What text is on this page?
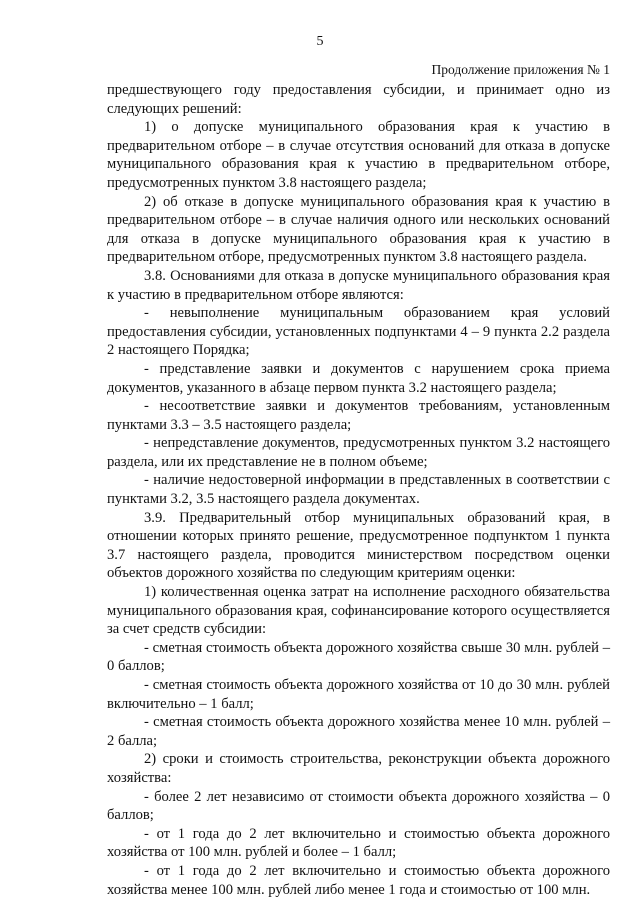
5
Продолжение приложения № 1

предшествующего году предоставления субсидии, и принимает одно из следующих решений:

1) о допуске муниципального образования края к участию в предварительном отборе – в случае отсутствия оснований для отказа в допуске муниципального образования края к участию в предварительном отборе, предусмотренных пунктом 3.8 настоящего раздела;

2) об отказе в допуске муниципального образования края к участию в предварительном отборе – в случае наличия одного или нескольких оснований для отказа в допуске муниципального образования края к участию в предварительном отборе, предусмотренных пунктом 3.8 настоящего раздела.

3.8. Основаниями для отказа в допуске муниципального образования края к участию в предварительном отборе являются:

- невыполнение муниципальным образованием края условий предоставления субсидии, установленных подпунктами 4 – 9 пункта 2.2 раздела 2 настоящего Порядка;

- представление заявки и документов с нарушением срока приема документов, указанного в абзаце первом пункта 3.2 настоящего раздела;

- несоответствие заявки и документов требованиям, установленным пунктами 3.3 – 3.5 настоящего раздела;

- непредставление документов, предусмотренных пунктом 3.2 настоящего раздела, или их представление не в полном объеме;

- наличие недостоверной информации в представленных в соответствии с пунктами 3.2, 3.5 настоящего раздела документах.

3.9. Предварительный отбор муниципальных образований края, в отношении которых принято решение, предусмотренное подпунктом 1 пункта 3.7 настоящего раздела, проводится министерством посредством оценки объектов дорожного хозяйства по следующим критериям оценки:

1) количественная оценка затрат на исполнение расходного обязательства муниципального образования края, софинансирование которого осуществляется за счет средств субсидии:

- сметная стоимость объекта дорожного хозяйства свыше 30 млн. рублей – 0 баллов;

- сметная стоимость объекта дорожного хозяйства от 10 до 30 млн. рублей включительно – 1 балл;

- сметная стоимость объекта дорожного хозяйства менее 10 млн. рублей – 2 балла;

2) сроки и стоимость строительства, реконструкции объекта дорожного хозяйства:

- более 2 лет независимо от стоимости объекта дорожного хозяйства – 0 баллов;

- от 1 года до 2 лет включительно и стоимостью объекта дорожного хозяйства от 100 млн. рублей и более – 1 балл;

- от 1 года до 2 лет включительно и стоимостью объекта дорожного хозяйства менее 100 млн. рублей либо менее 1 года и стоимостью от 100 млн.
